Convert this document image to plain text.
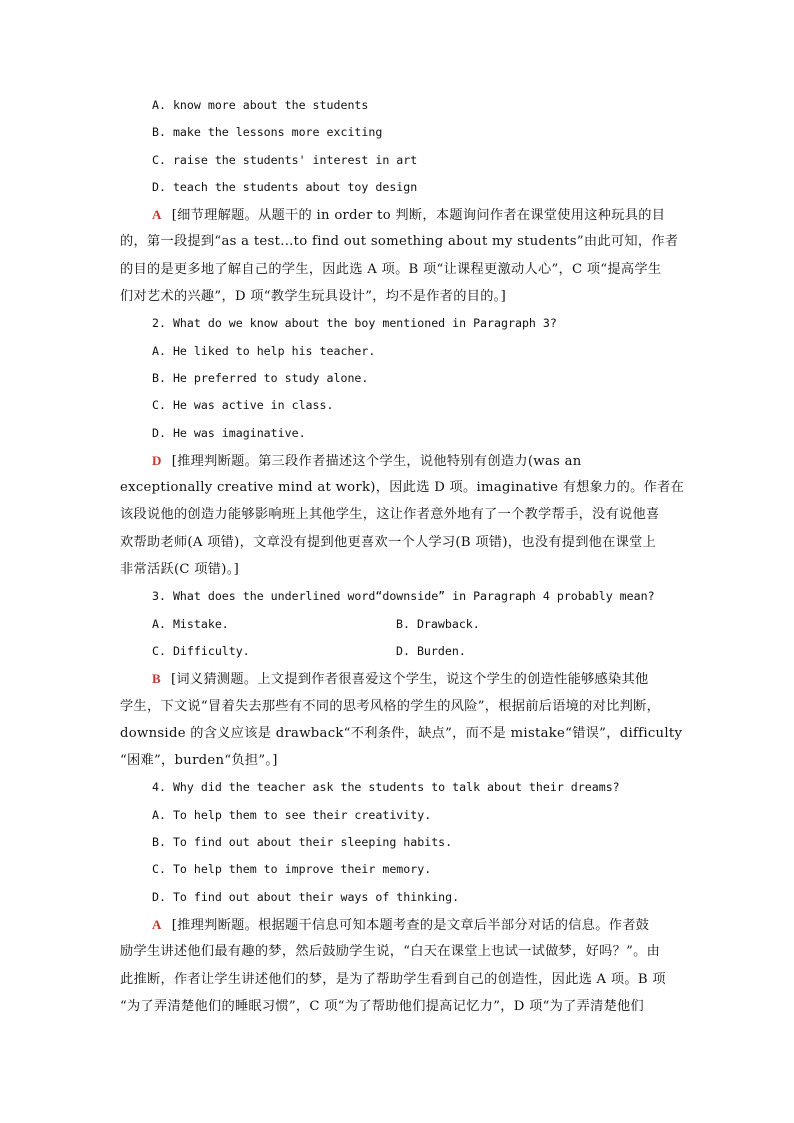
A. know more about the students
B. make the lessons more exciting
C. raise the students' interest in art
D. teach the students about toy design
A [细节理解题。从题干的 in order to 判断，本题询问作者在课堂使用这种玩具的目
的，第一段提到“as a test...to find out something about my students”由此可知，作者
的目的是更多地了解自己的学生，因此选 A 项。B 项“让课程更激动人心”，C 项“提高学生
们对艺术的兴趣”，D 项“教学生玩具设计”，均不是作者的目的。]
2. What do we know about the boy mentioned in Paragraph 3?
A. He liked to help his teacher.
B. He preferred to study alone.
C. He was active in class.
D. He was imaginative.
D [推理判断题。第三段作者描述这个学生，说他特别有创造力(was an
exceptionally creative mind at work)，因此选 D 项。imaginative 有想象力的。作者在
该段说他的创造力能够影响班上其他学生，这让作者意外地有了一个教学帮手，没有说他喜
欢帮助老师(A 项错)，文章没有提到他更喜欢一个人学习(B 项错)，也没有提到他在课堂上
非常活跃(C 项错)。]
3. What does the underlined word“downside” in Paragraph 4 probably mean?
A. Mistake.	B. Drawback.
C. Difficulty.	D. Burden.
B [词义猜测题。上文提到作者很喜爱这个学生，说这个学生的创造性能够感染其他
学生，下文说“冒着失去那些有不同的思考风格的学生的风险”，根据前后语境的对比判断，
downside 的含义应该是 drawback“不利条件，缺点”，而不是 mistake“错误”，difficulty
“困难”，burden“负担”。]
4. Why did the teacher ask the students to talk about their dreams?
A. To help them to see their creativity.
B. To find out about their sleeping habits.
C. To help them to improve their memory.
D. To find out about their ways of thinking.
A [推理判断题。根据题干信息可知本题考查的是文章后半部分对话的信息。作者鼓
励学生讲述他们最有趣的梦，然后鼓励学生说，“白天在课堂上也试一试做梦，好吗？”。由
此推断，作者让学生讲述他们的梦，是为了帮助学生看到自己的创造性，因此选 A 项。B 项
“为了弄清楚他们的睡眠习惯”，C 项“为了帮助他们提高记忆力”，D 项“为了弄清楚他们
